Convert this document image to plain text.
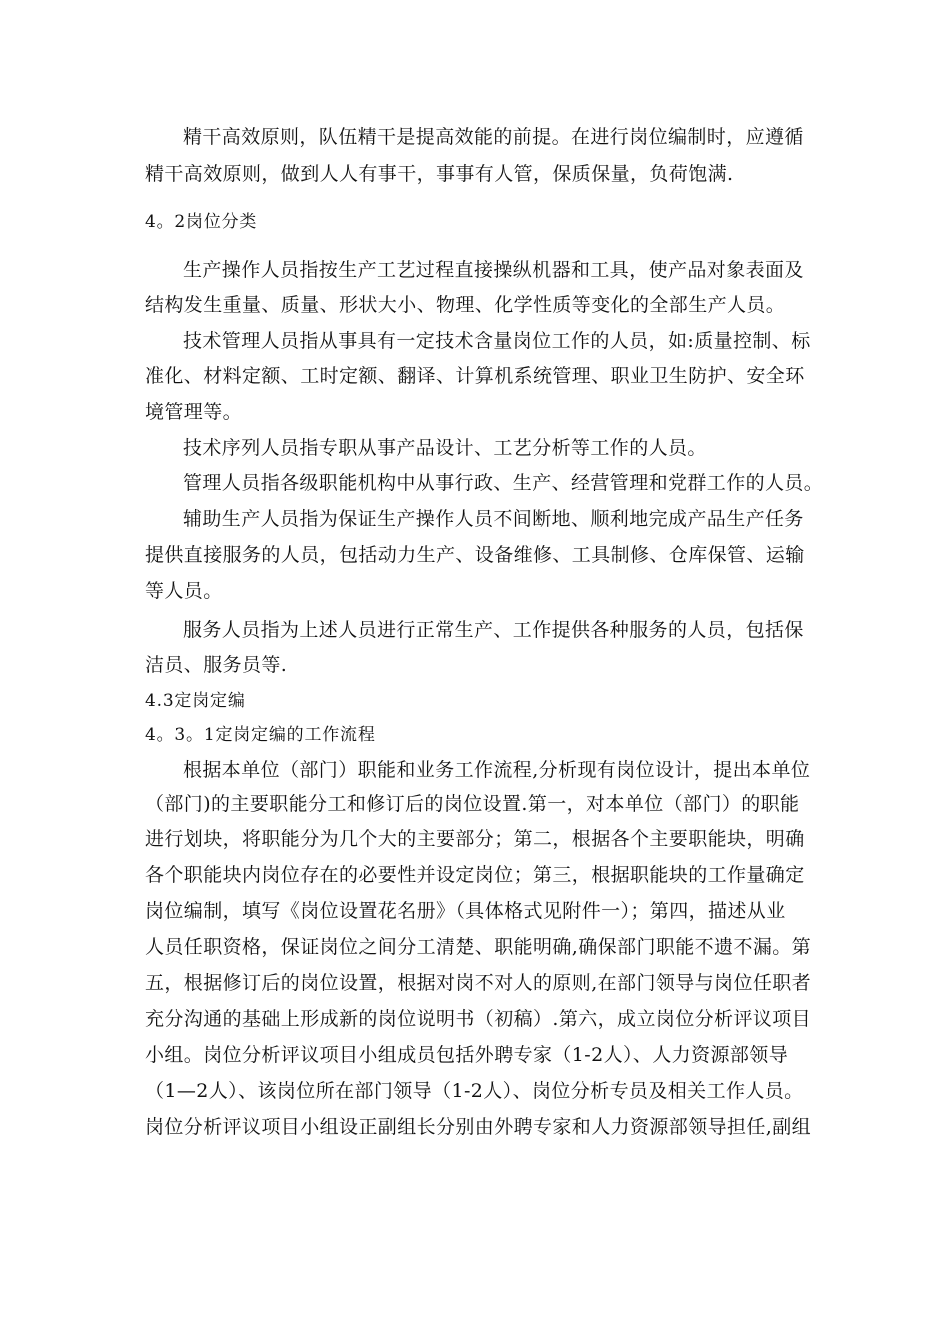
精干高效原则，队伍精干是提高效能的前提。在进行岗位编制时，应遵循
精干高效原则，做到人人有事干，事事有人管，保质保量，负荷饱满.
4。2岗位分类
生产操作人员指按生产工艺过程直接操纵机器和工具，使产品对象表面及
结构发生重量、质量、形状大小、物理、化学性质等变化的全部生产人员。
技术管理人员指从事具有一定技术含量岗位工作的人员，如:质量控制、标
准化、材料定额、工时定额、翻译、计算机系统管理、职业卫生防护、安全环
境管理等。
技术序列人员指专职从事产品设计、工艺分析等工作的人员。
管理人员指各级职能机构中从事行政、生产、经营管理和党群工作的人员。
辅助生产人员指为保证生产操作人员不间断地、顺利地完成产品生产任务
提供直接服务的人员，包括动力生产、设备维修、工具制修、仓库保管、运输
等人员。
服务人员指为上述人员进行正常生产、工作提供各种服务的人员，包括保
洁员、服务员等.
4.3定岗定编
4。3。1定岗定编的工作流程
根据本单位（部门）职能和业务工作流程,分析现有岗位设计，提出本单位
（部门)的主要职能分工和修订后的岗位设置.第一，对本单位（部门）的职能
进行划块，将职能分为几个大的主要部分；第二，根据各个主要职能块，明确
各个职能块内岗位存在的必要性并设定岗位；第三，根据职能块的工作量确定
岗位编制，填写《岗位设置花名册》（具体格式见附件一）；第四，描述从业
人员任职资格，保证岗位之间分工清楚、职能明确,确保部门职能不遗不漏。第
五，根据修订后的岗位设置，根据对岗不对人的原则,在部门领导与岗位任职者
充分沟通的基础上形成新的岗位说明书（初稿）.第六，成立岗位分析评议项目
小组。岗位分析评议项目小组成员包括外聘专家（1-2人）、人力资源部领导
（1—2人）、该岗位所在部门领导（1-2人）、岗位分析专员及相关工作人员。
岗位分析评议项目小组设正副组长分别由外聘专家和人力资源部领导担任,副组
